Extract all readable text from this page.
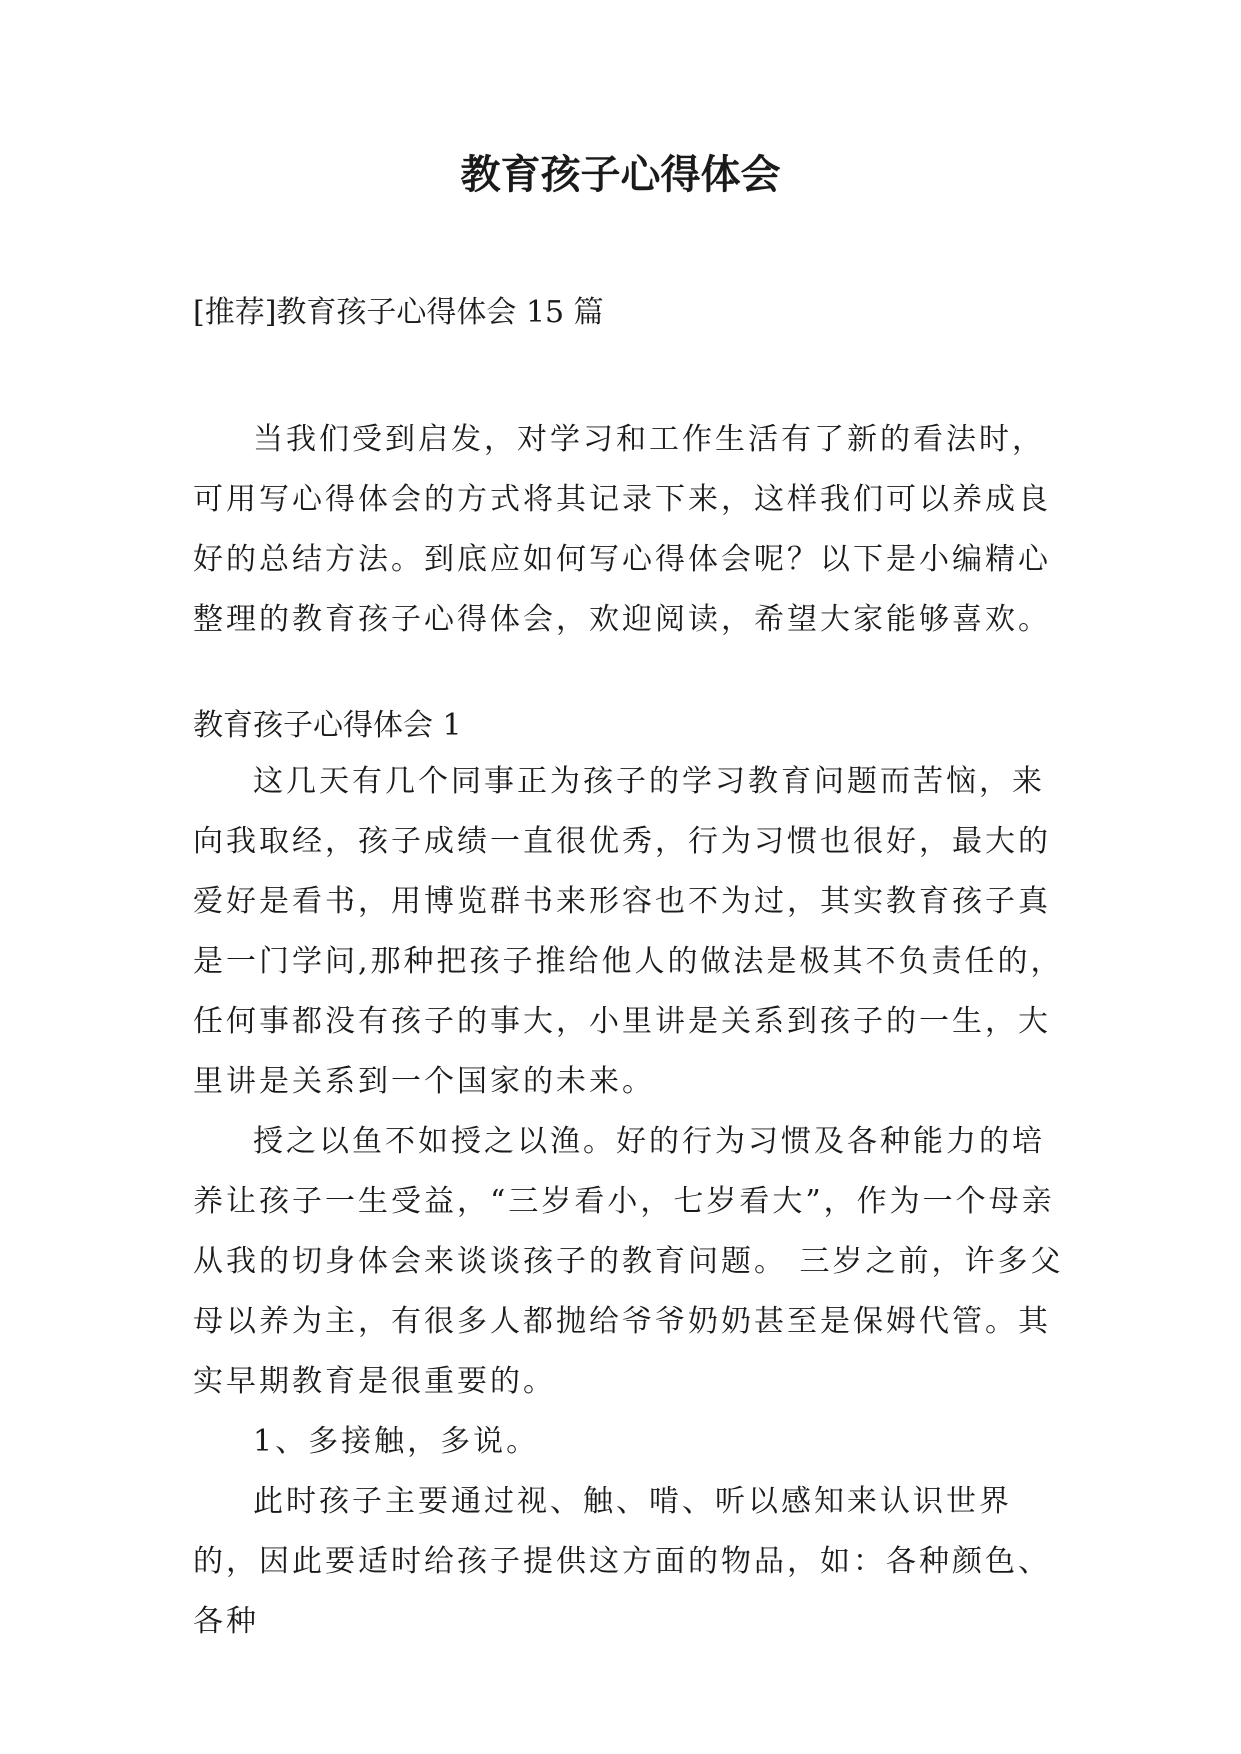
教育孩子心得体会

[推荐]教育孩子心得体会 15 篇

当我们受到启发，对学习和工作生活有了新的看法时，可用写心得体会的方式将其记录下来，这样我们可以养成良好的总结方法。到底应如何写心得体会呢？以下是小编精心整理的教育孩子心得体会，欢迎阅读，希望大家能够喜欢。

教育孩子心得体会 1

这几天有几个同事正为孩子的学习教育问题而苦恼，来向我取经，孩子成绩一直很优秀，行为习惯也很好，最大的爱好是看书，用博览群书来形容也不为过，其实教育孩子真是一门学问,那种把孩子推给他人的做法是极其不负责任的，任何事都没有孩子的事大，小里讲是关系到孩子的一生，大里讲是关系到一个国家的未来。

授之以鱼不如授之以渔。好的行为习惯及各种能力的培养让孩子一生受益，“三岁看小，七岁看大”，作为一个母亲从我的切身体会来谈谈孩子的教育问题。 三岁之前，许多父母以养为主，有很多人都抛给爷爷奶奶甚至是保姆代管。其实早期教育是很重要的。

1、多接触，多说。

此时孩子主要通过视、触、啃、听以感知来认识世界的，因此要适时给孩子提供这方面的物品，如：各种颜色、各种
